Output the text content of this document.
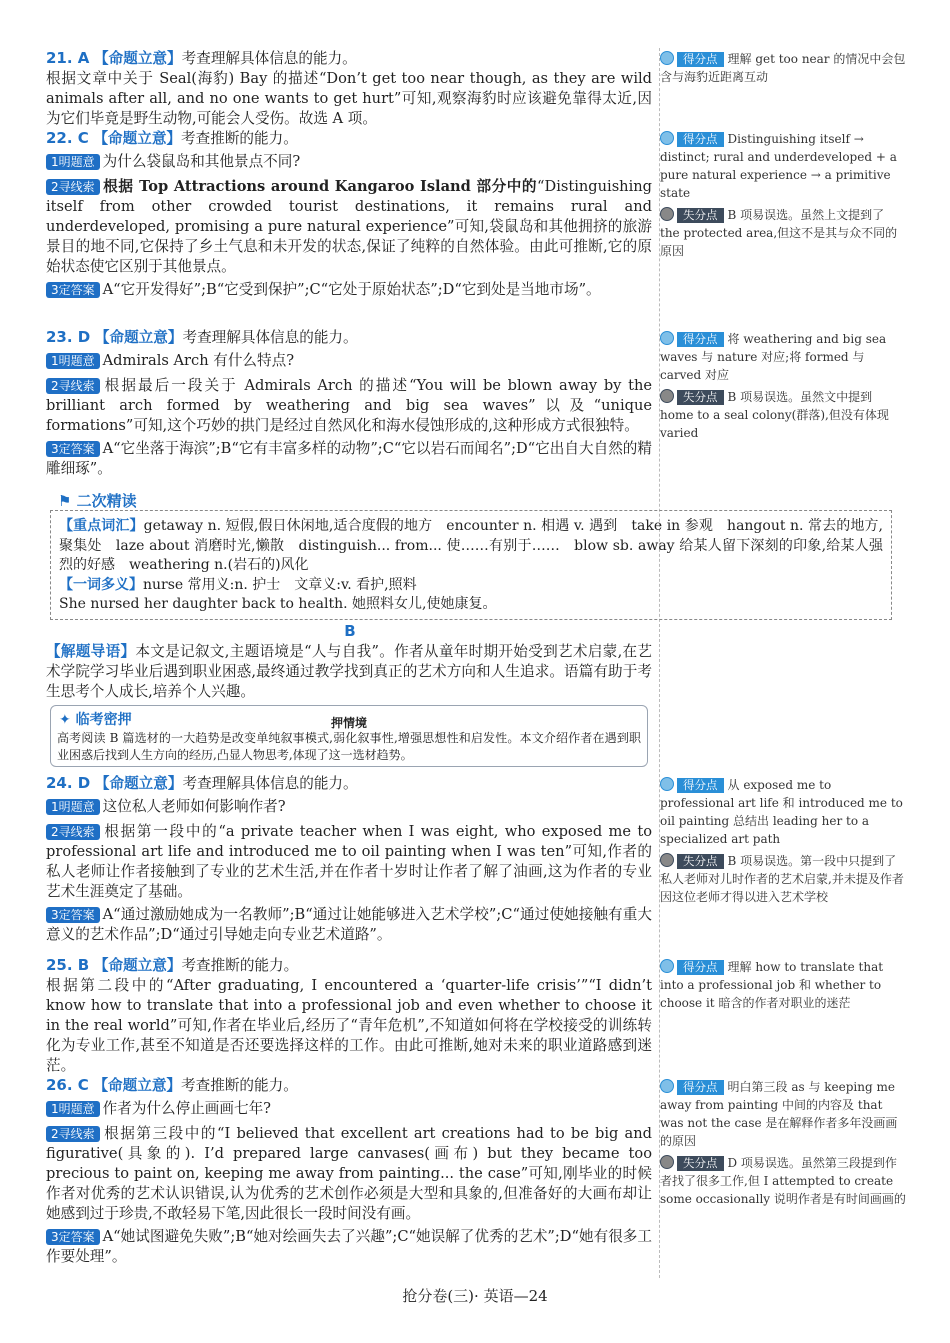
21. A 【命题立意】考查理解具体信息的能力。
根据文章中关于 Seal(海豹) Bay 的描述“Don’t get too near though, as they are wild animals after all, and no one wants to get hurt”可知,观察海豹时应该避免靠得太近,因为它们毕竟是野生动物,可能会人受伤。故选 A 项。
得分点 理解 get too near 的情况中会包含与海豹近距离互动
22. C 【命题立意】考查推断的能力。
1明题意 为什么袋鼠岛和其他景点不同?
2寻线索 根据 Top Attractions around Kangaroo Island 部分中的“Distinguishing itself from other crowded tourist destinations, it remains rural and underdeveloped, promising a pure natural experience”可知,袋鼠岛和其他拥挤的旅游景目的地不同,它保持了乡土气息和未开发的状态,保证了纯粹的自然体验。由此可推断,它的原始状态使它区别于其他景点。
3定答案 A“它开发得好”;B“它受到保护”;C“它处于原始状态”;D“它到处是当地市场”。
得分点 Distinguishing itself → distinct; rural and underdeveloped + a pure natural experience → a primitive state
失分点 B 项易误选。虽然上文提到了 the protected area,但这不是其与众不同的原因
23. D 【命题立意】考查理解具体信息的能力。
1明题意 Admirals Arch 有什么特点?
2寻线索 根据最后一段关于 Admirals Arch 的描述“You will be blown away by the brilliant arch formed by weathering and big sea waves”以及“unique formations”可知,这个巧妙的拱门是经过自然风化和海水侵蚀形成的,这种形成方式很独特。
3定答案 A“它坐落于海滨”;B“它有丰富多样的动物”;C“它以岩石而闻名”;D“它出自大自然的精雕细琢”。
得分点 将 weathering and big sea waves 与 nature 对应;将 formed 与 carved 对应
失分点 B 项易误选。虽然文中提到 home to a seal colony(群落),但没有体现 varied
⚑ 二次精读
【重点词汇】getaway n. 短假,假日休闲地,适合度假的地方　encounter n. 相遇 v. 遇到　take in 参观　hangout n. 常去的地方,聚集处　laze about 消磨时光,懒散　distinguish... from... 使……有别于……　blow sb. away 给某人留下深刻的印象,给某人强烈的好感　weathering n.(岩石的)风化
【一词多义】nurse 常用义:n. 护士　文章义:v. 看护,照料
She nursed her daughter back to health. 她照料女儿,使她康复。
B
【解题导语】本文是记叙文,主题语境是“人与自我”。作者从童年时期开始受到艺术启蒙,在艺术学院学习毕业后遇到职业困惑,最终通过教学找到真正的艺术方向和人生追求。语篇有助于考生思考个人成长,培养个人兴趣。
✦ 临考密押	押情境
高考阅读 B 篇选材的一大趋势是改变单纯叙事模式,弱化叙事性,增强思想性和启发性。本文介绍作者在遇到职业困惑后找到人生方向的经历,凸显人物思考,体现了这一选材趋势。
24. D 【命题立意】考查理解具体信息的能力。
1明题意 这位私人老师如何影响作者?
2寻线索 根据第一段中的“a private teacher when I was eight, who exposed me to professional art life and introduced me to oil painting when I was ten”可知,作者的私人老师让作者接触到了专业的艺术生活,并在作者十岁时让作者了解了油画,这为作者的专业艺术生涯奠定了基础。
3定答案 A“通过激励她成为一名教师”;B“通过让她能够进入艺术学校”;C“通过使她接触有重大意义的艺术作品”;D“通过引导她走向专业艺术道路”。
得分点 从 exposed me to professional art life 和 introduced me to oil painting 总结出 leading her to a specialized art path
失分点 B 项易误选。第一段中只提到了私人老师对儿时作者的艺术启蒙,并未提及作者因这位老师才得以进入艺术学校
25. B 【命题立意】考查推断的能力。
根据第二段中的“After graduating, I encountered a ‘quarter-life crisis’”“I didn’t know how to translate that into a professional job and even whether to choose it in the real world”可知,作者在毕业后,经历了“青年危机”,不知道如何将在学校接受的训练转化为专业工作,甚至不知道是否还要选择这样的工作。由此可推断,她对未来的职业道路感到迷茫。
得分点 理解 how to translate that into a professional job 和 whether to choose it 暗含的作者对职业的迷茫
26. C 【命题立意】考查推断的能力。
1明题意 作者为什么停止画画七年?
2寻线索 根据第三段中的“I believed that excellent art creations had to be big and figurative(具象的). I’d prepared large canvases(画布) but they became too precious to paint on, keeping me away from painting... the case”可知,刚毕业的时候作者对优秀的艺术认识错误,认为优秀的艺术创作必须是大型和具象的,但准备好的大画布却让她感到过于珍贵,不敢轻易下笔,因此很长一段时间没有画。
3定答案 A“她试图避免失败”;B“她对绘画失去了兴趣”;C“她误解了优秀的艺术”;D“她有很多工作要处理”。
得分点 明白第三段 as 与 keeping me away from painting 中间的内容及 that was not the case 是在解释作者多年没画画的原因
失分点 D 项易误选。虽然第三段提到作者找了很多工作,但 I attempted to create some occasionally 说明作者是有时间画画的
抢分卷(三)· 英语—24
